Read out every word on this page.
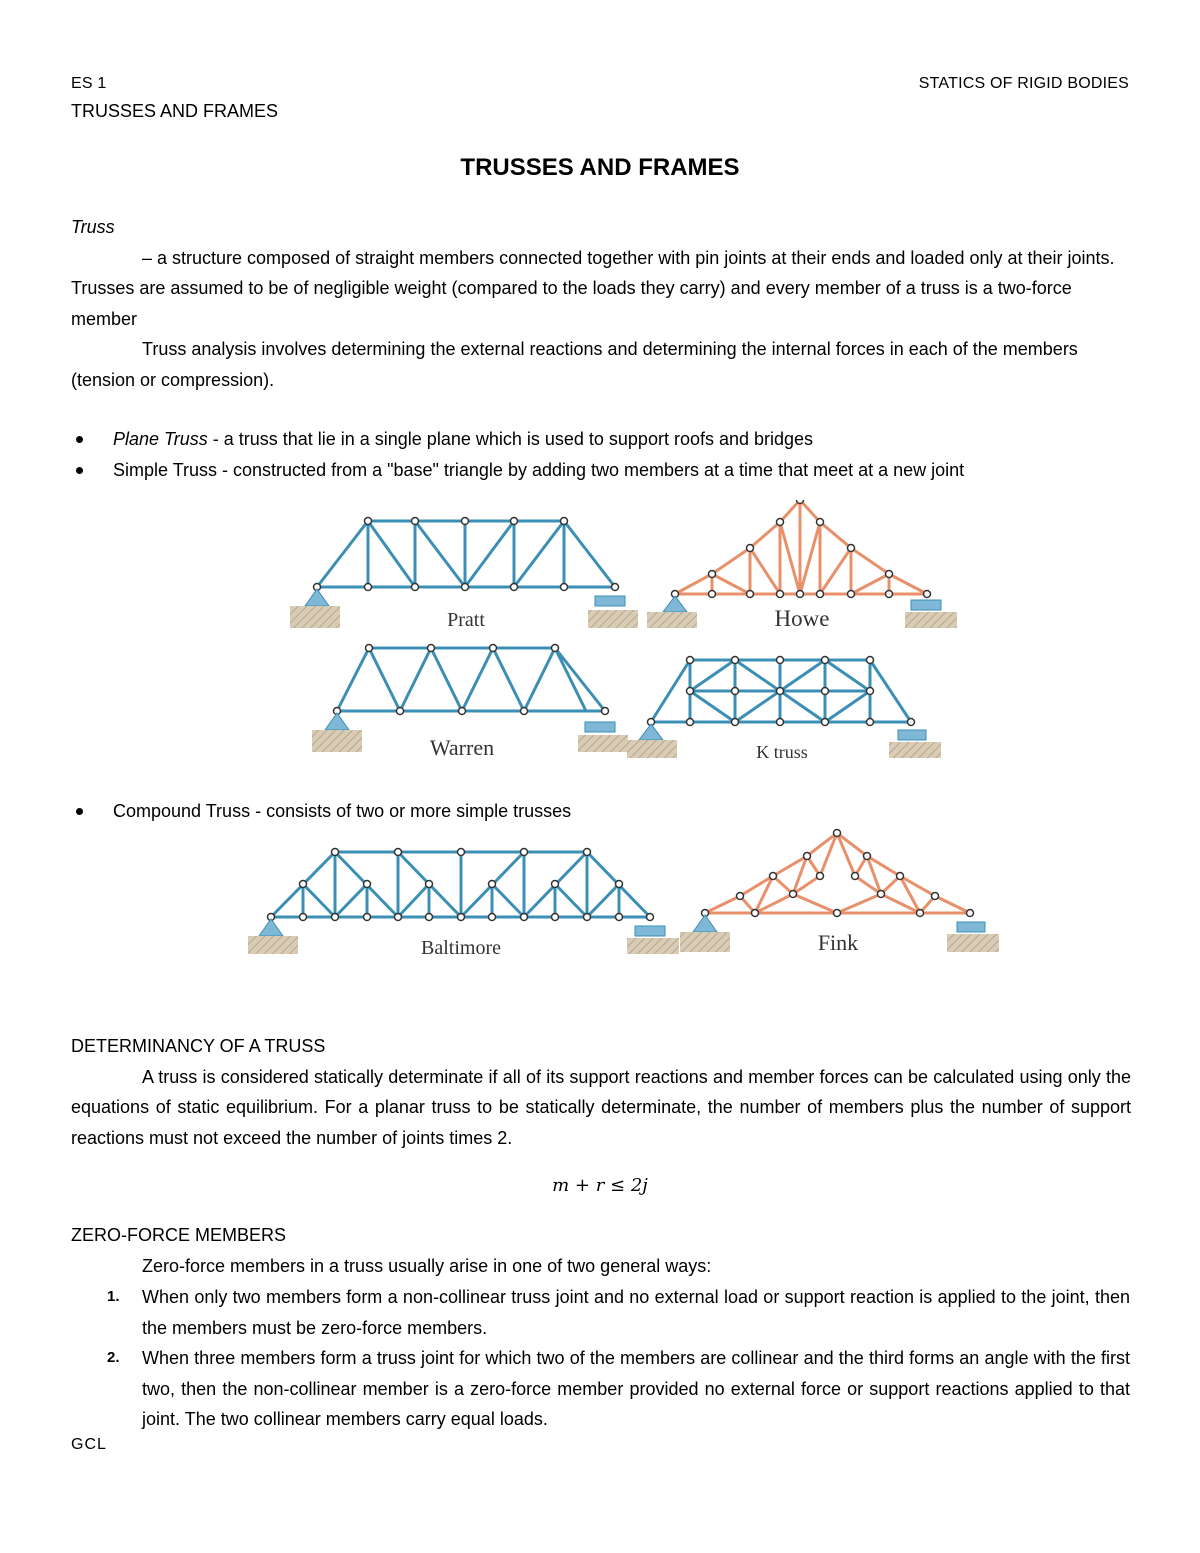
ES 1	STATICS OF RIGID BODIES
TRUSSES AND FRAMES
TRUSSES AND FRAMES
Truss
– a structure composed of straight members connected together with pin joints at their ends and loaded only at their joints. Trusses are assumed to be of negligible weight (compared to the loads they carry) and every member of a truss is a two-force member
Truss analysis involves determining the external reactions and determining the internal forces in each of the members (tension or compression).
Plane Truss - a truss that lie in a single plane which is used to support roofs and bridges
Simple Truss - constructed from a "base" triangle by adding two members at a time that meet at a new joint
Pratt	Howe
Warren	K truss
Compound Truss - consists of two or more simple trusses
Baltimore	Fink
DETERMINANCY OF A TRUSS
A truss is considered statically determinate if all of its support reactions and member forces can be calculated using only the equations of static equilibrium. For a planar truss to be statically determinate, the number of members plus the number of support reactions must not exceed the number of joints times 2.
m + r ≤ 2j
ZERO-FORCE MEMBERS
Zero-force members in a truss usually arise in one of two general ways:
1. When only two members form a non-collinear truss joint and no external load or support reaction is applied to the joint, then the members must be zero-force members.
2. When three members form a truss joint for which two of the members are collinear and the third forms an angle with the first two, then the non-collinear member is a zero-force member provided no external force or support reactions applied to that joint. The two collinear members carry equal loads.
GCL
